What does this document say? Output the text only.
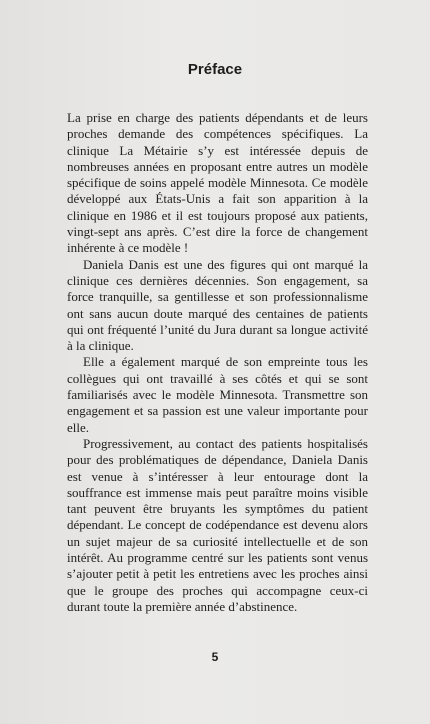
Préface

La prise en charge des patients dépendants et de leurs proches demande des compétences spécifiques. La clinique La Métairie s’y est intéressée depuis de nombreuses années en proposant entre autres un modèle spécifique de soins appelé modèle Minnesota. Ce modèle développé aux États-Unis a fait son apparition à la clinique en 1986 et il est toujours proposé aux patients, vingt-sept ans après. C’est dire la force de changement inhérente à ce modèle !

Daniela Danis est une des figures qui ont marqué la clinique ces dernières décennies. Son engagement, sa force tranquille, sa gentillesse et son professionnalisme ont sans aucun doute marqué des centaines de patients qui ont fréquenté l’unité du Jura durant sa longue activité à la clinique.

Elle a également marqué de son empreinte tous les collègues qui ont travaillé à ses côtés et qui se sont familiarisés avec le modèle Minnesota. Transmettre son engagement et sa passion est une valeur importante pour elle.

Progressivement, au contact des patients hospitalisés pour des problématiques de dépendance, Daniela Danis est venue à s’intéresser à leur entourage dont la souffrance est immense mais peut paraître moins visible tant peuvent être bruyants les symptômes du patient dépendant. Le concept de codépendance est devenu alors un sujet majeur de sa curiosité intellectuelle et de son intérêt. Au programme centré sur les patients sont venus s’ajouter petit à petit les entretiens avec les proches ainsi que le groupe des proches qui accompagne ceux-ci durant toute la première année d’abstinence.

5
